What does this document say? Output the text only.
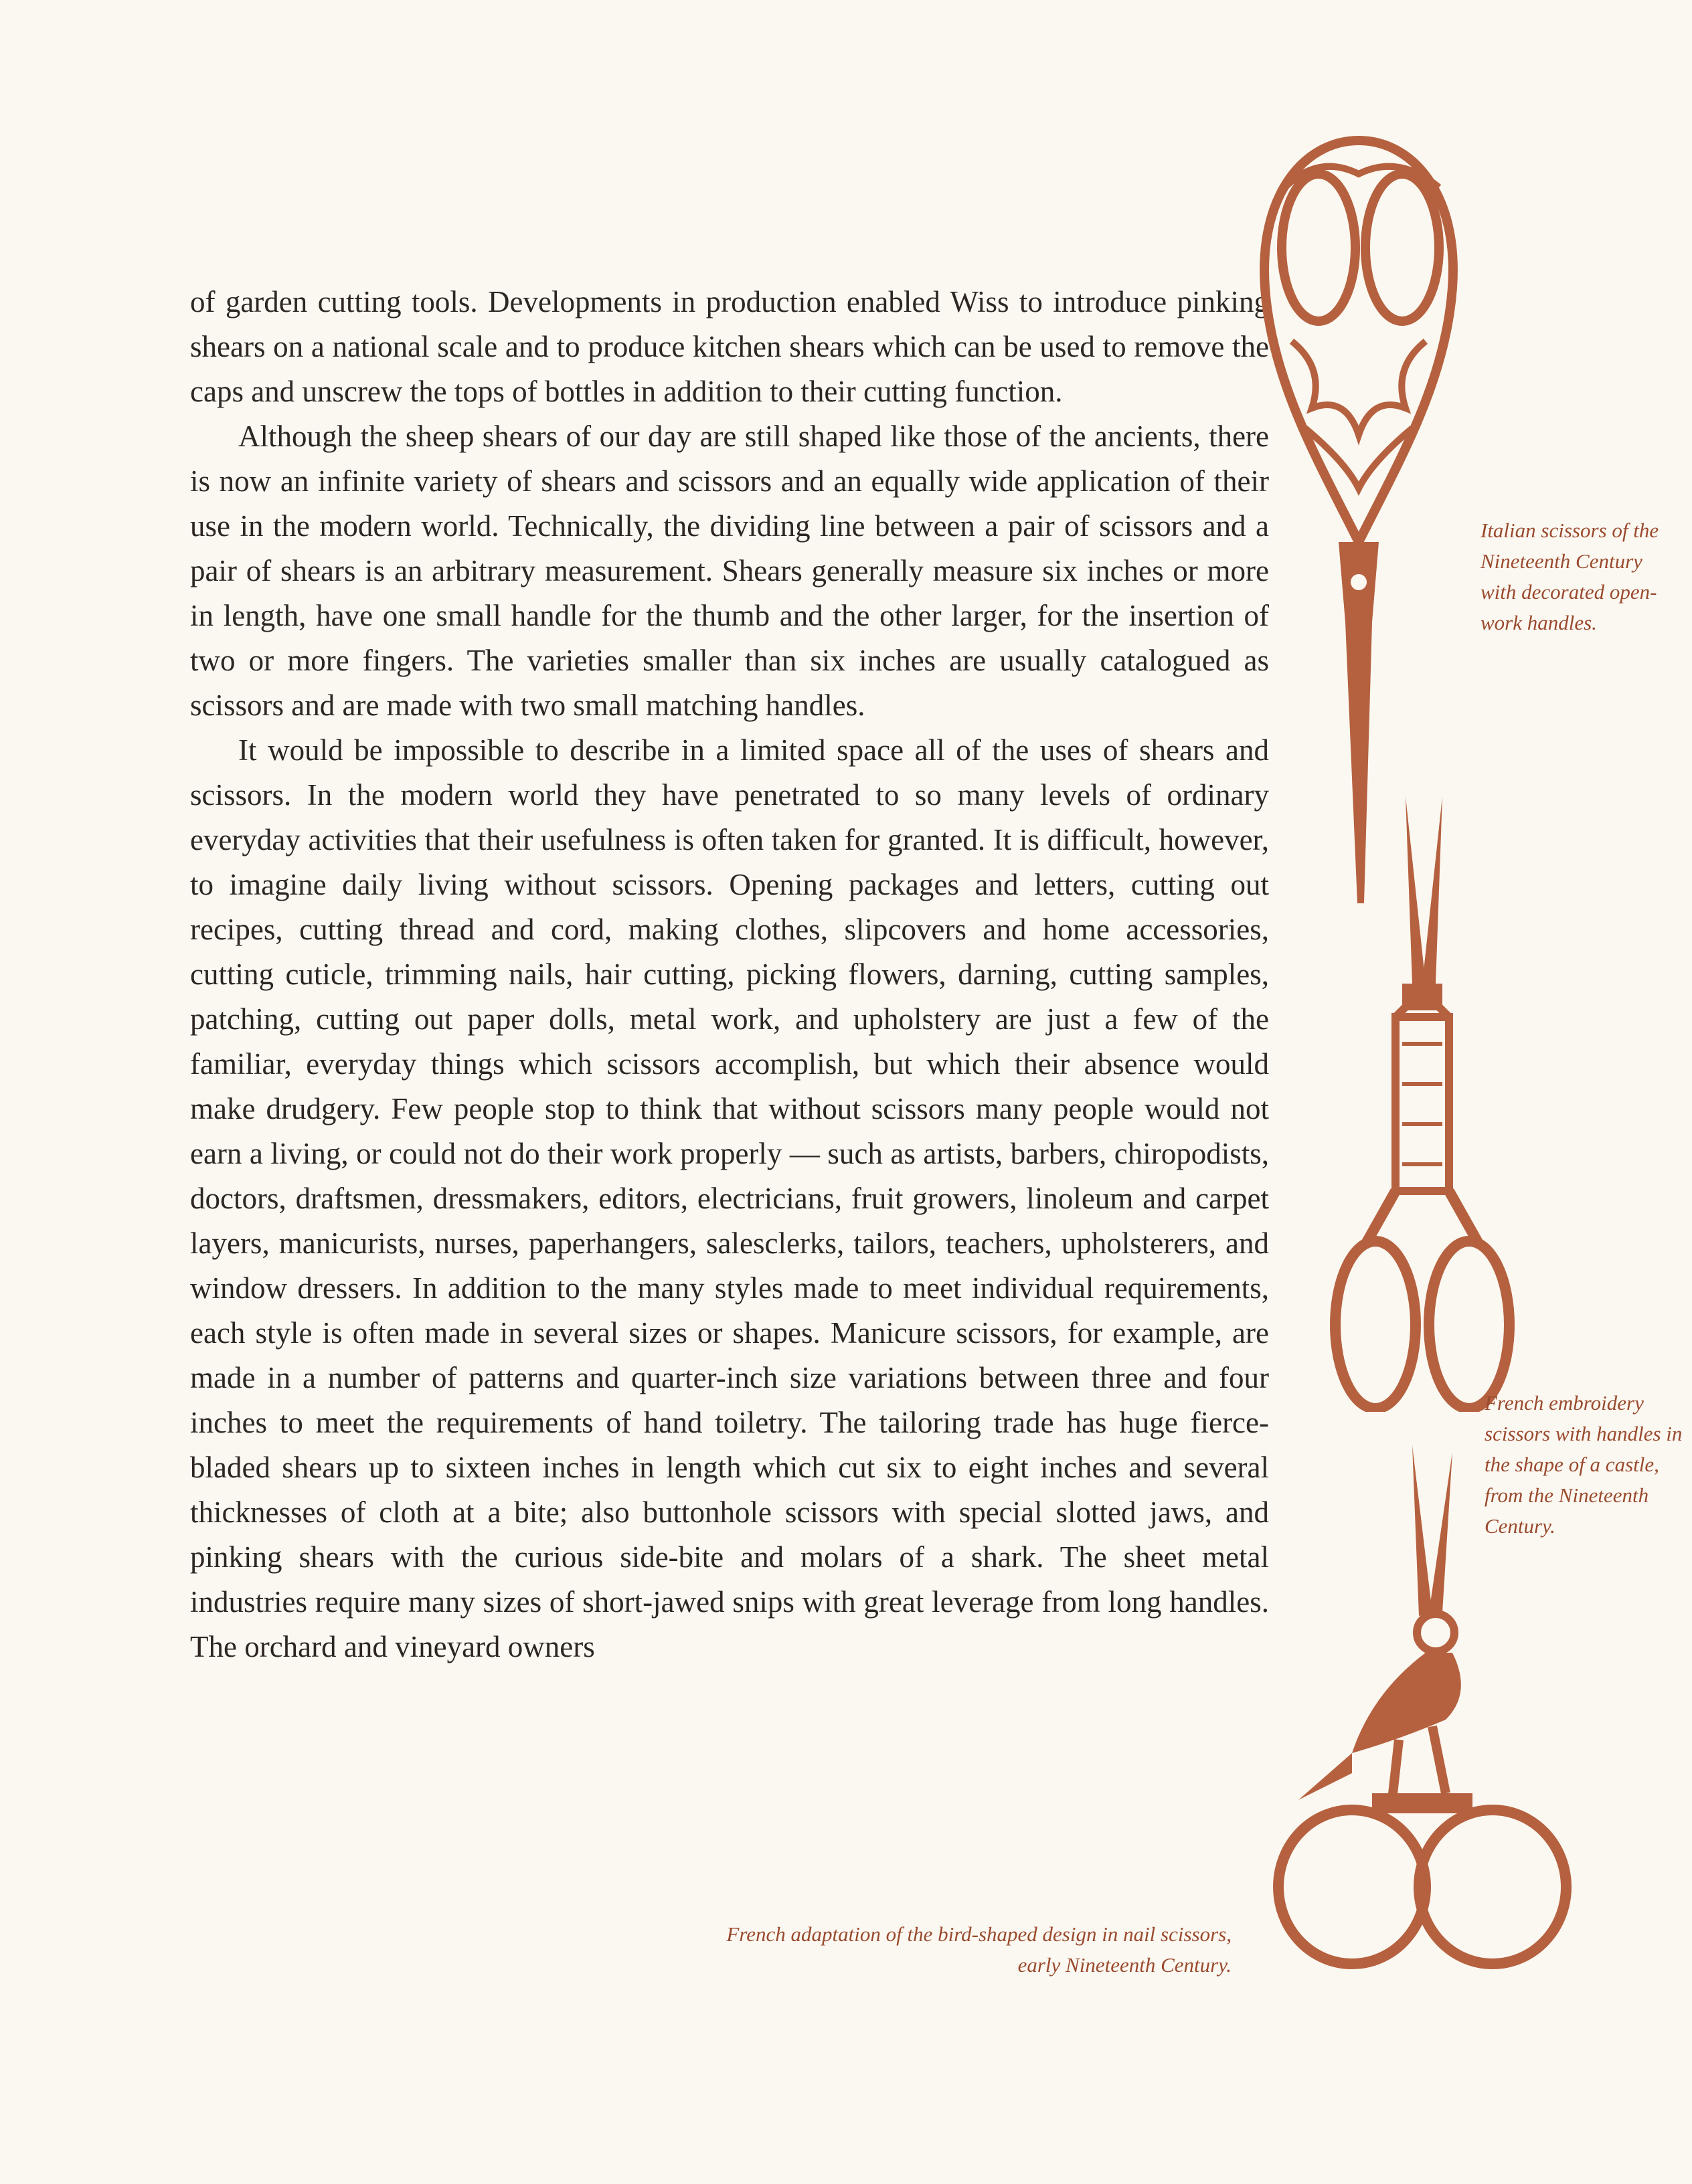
of garden cutting tools. Developments in production enabled Wiss to introduce pinking shears on a national scale and to produce kitchen shears which can be used to remove the caps and unscrew the tops of bottles in addition to their cutting function.

Although the sheep shears of our day are still shaped like those of the ancients, there is now an infinite variety of shears and scissors and an equally wide application of their use in the modern world. Technically, the dividing line between a pair of scissors and a pair of shears is an arbitrary measurement. Shears generally measure six inches or more in length, have one small handle for the thumb and the other larger, for the insertion of two or more fingers. The varieties smaller than six inches are usually catalogued as scissors and are made with two small matching handles.

It would be impossible to describe in a limited space all of the uses of shears and scissors. In the modern world they have penetrated to so many levels of ordinary everyday activities that their usefulness is often taken for granted. It is difficult, however, to imagine daily living without scissors. Opening packages and letters, cutting out recipes, cutting thread and cord, making clothes, slipcovers and home accessories, cutting cuticle, trimming nails, hair cutting, picking flowers, darning, cutting samples, patching, cutting out paper dolls, metal work, and upholstery are just a few of the familiar, everyday things which scissors accomplish, but which their absence would make drudgery. Few people stop to think that without scissors many people would not earn a living, or could not do their work properly — such as artists, barbers, chiropodists, doctors, draftsmen, dressmakers, editors, electricians, fruit growers, linoleum and carpet layers, manicurists, nurses, paperhangers, salesclerks, tailors, teachers, upholsterers, and window dressers. In addition to the many styles made to meet individual requirements, each style is often made in several sizes or shapes. Manicure scissors, for example, are made in a number of patterns and quarter-inch size variations between three and four inches to meet the requirements of hand toiletry. The tailoring trade has huge fierce-bladed shears up to sixteen inches in length which cut six to eight inches and several thicknesses of cloth at a bite; also buttonhole scissors with special slotted jaws, and pinking shears with the curious side-bite and molars of a shark. The sheet metal industries require many sizes of short-jawed snips with great leverage from long handles. The orchard and vineyard owners

Italian scissors of the Nineteenth Century with decorated open-work handles.
French embroidery scissors with handles in the shape of a castle, from the Nineteenth Century.
French adaptation of the bird-shaped design in nail scissors, early Nineteenth Century.
